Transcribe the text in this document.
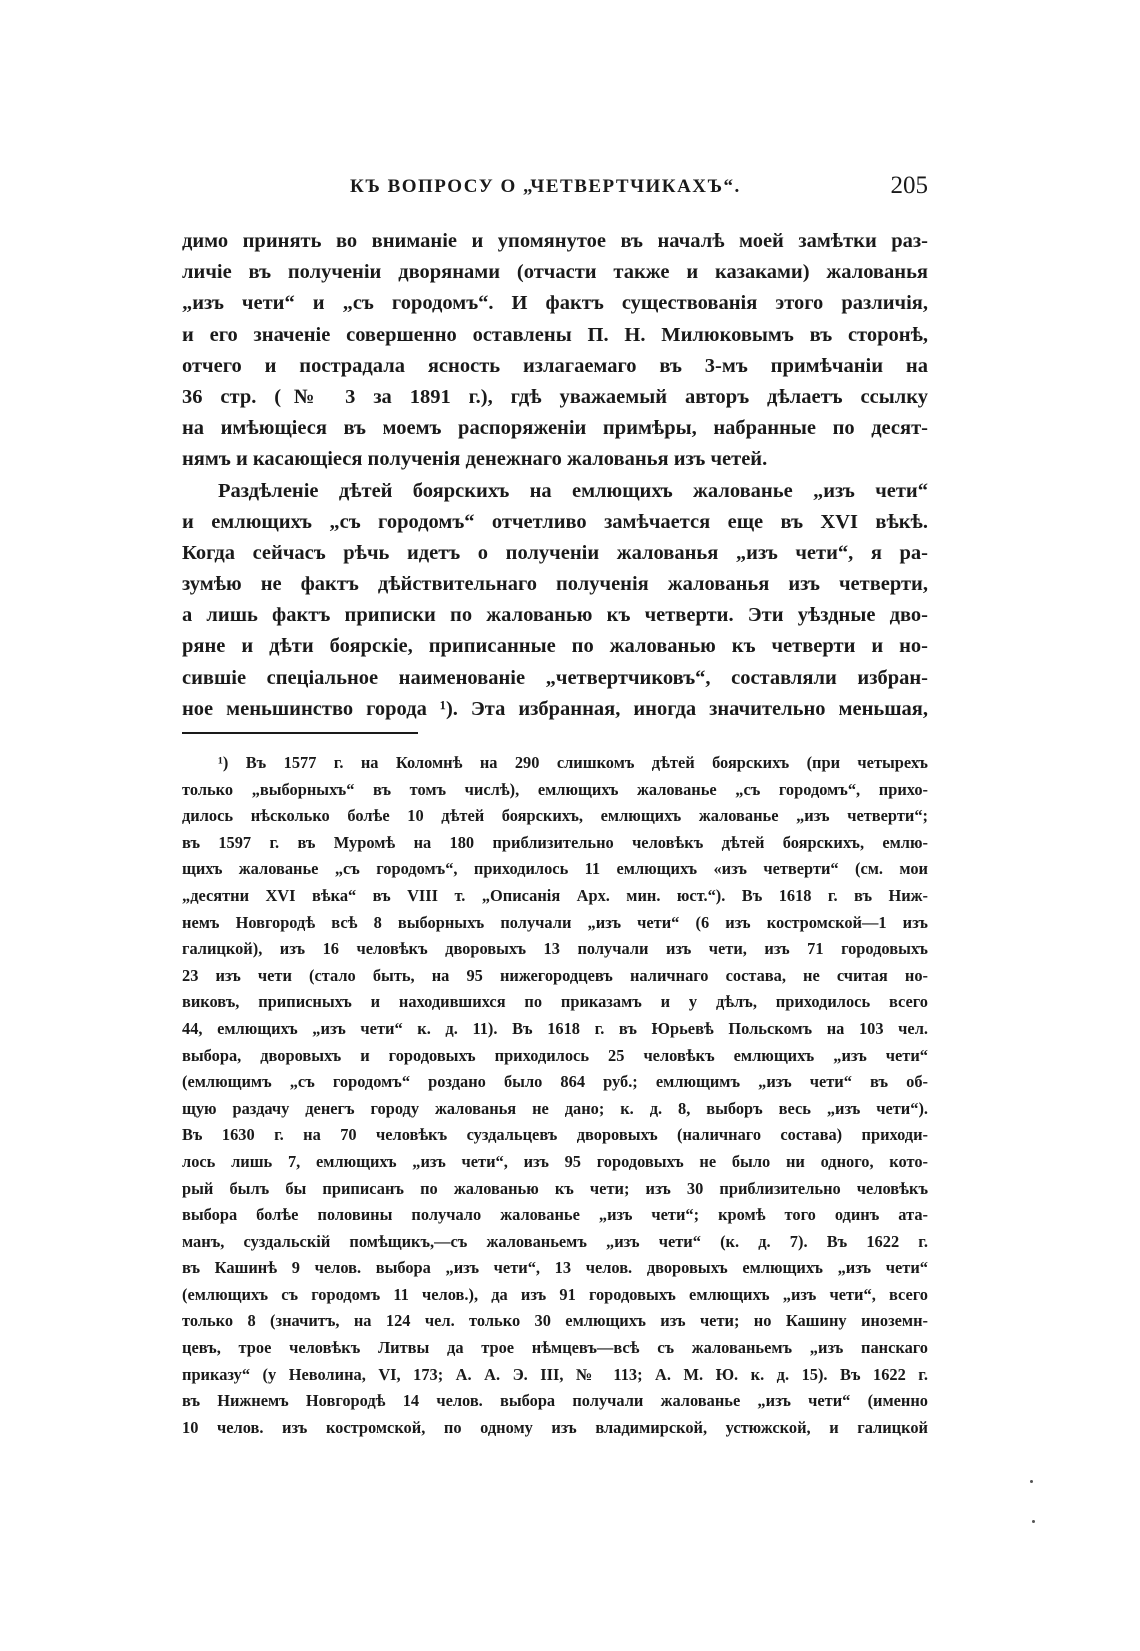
КЪ ВОПРОСУ О „ЧЕТВЕРТЧИКАХЪ“.	205
димо принять во вниманіе и упомянутое въ началѣ моей замѣтки раз-
личіе въ полученіи дворянами (отчасти также и казаками) жалованья
„изъ чети“ и „съ городомъ“. И фактъ существованія этого различія,
и его значеніе совершенно оставлены П. Н. Милюковымъ въ сторонѣ,
отчего и пострадала ясность излагаемаго въ 3-мъ примѣчаніи на
36 стр. (№ 3 за 1891 г.), гдѣ уважаемый авторъ дѣлаетъ ссылку
на имѣющіеся въ моемъ распоряженіи примѣры, набранные по десят-
нямъ и касающіеся полученія денежнаго жалованья изъ четей.
Раздѣленіе дѣтей боярскихъ на емлющихъ жалованье „изъ чети“
и емлющихъ „съ городомъ“ отчетливо замѣчается еще въ XVI вѣкѣ.
Когда сейчасъ рѣчь идетъ о полученіи жалованья „изъ чети“, я ра-
зумѣю не фактъ дѣйствительнаго полученія жалованья изъ четверти,
а лишь фактъ приписки по жалованью къ четверти. Эти уѣздные дво-
ряне и дѣти боярскіе, приписанные по жалованью къ четверти и но-
сившіе спеціальное наименованіе „четвертчиковъ“, составляли избран-
ное меньшинство города ¹). Эта избранная, иногда значительно меньшая,
¹) Въ 1577 г. на Коломнѣ на 290 слишкомъ дѣтей боярскихъ (при четырехъ
только „выборныхъ“ въ томъ числѣ), емлющихъ жалованье „съ городомъ“, прихо-
дилось нѣсколько болѣе 10 дѣтей боярскихъ, емлющихъ жалованье „изъ четверти“;
въ 1597 г. въ Муромѣ на 180 приблизительно человѣкъ дѣтей боярскихъ, емлю-
щихъ жалованье „съ городомъ“, приходилось 11 емлющихъ «изъ четверти“ (см. мои
„десятни XVI вѣка“ въ VIII т. „Описанія Арх. мин. юст.“). Въ 1618 г. въ Ниж-
немъ Новгородѣ всѣ 8 выборныхъ получали „изъ чети“ (6 изъ костромской—1 изъ
галицкой), изъ 16 человѣкъ дворовыхъ 13 получали изъ чети, изъ 71 городовыхъ
23 изъ чети (стало быть, на 95 нижегородцевъ наличнаго состава, не считая но-
виковъ, приписныхъ и находившихся по приказамъ и у дѣлъ, приходилось всего
44, емлющихъ „изъ чети“ к. д. 11). Въ 1618 г. въ Юрьевѣ Польскомъ на 103 чел.
выбора, дворовыхъ и городовыхъ приходилось 25 человѣкъ емлющихъ „изъ чети“
(емлющимъ „съ городомъ“ роздано было 864 руб.; емлющимъ „изъ чети“ въ об-
щую раздачу денегъ городу жалованья не дано; к. д. 8, выборъ весь „изъ чети“).
Въ 1630 г. на 70 человѣкъ суздальцевъ дворовыхъ (наличнаго состава) приходи-
лось лишь 7, емлющихъ „изъ чети“, изъ 95 городовыхъ не было ни одного, кото-
рый былъ бы приписанъ по жалованью къ чети; изъ 30 приблизительно человѣкъ
выбора болѣе половины получало жалованье „изъ чети“; кромѣ того одинъ ата-
манъ, суздальскій помѣщикъ,—съ жалованьемъ „изъ чети“ (к. д. 7). Въ 1622 г.
въ Кашинѣ 9 челов. выбора „изъ чети“, 13 челов. дворовыхъ емлющихъ „изъ чети“
(емлющихъ съ городомъ 11 челов.), да изъ 91 городовыхъ емлющихъ „изъ чети“, всего
только 8 (значитъ, на 124 чел. только 30 емлющихъ изъ чети; но Кашину иноземн-
цевъ, трое человѣкъ Литвы да трое нѣмцевъ—всѣ съ жалованьемъ „изъ панскаго
приказу“ (у Неволина, VI, 173; А. А. Э. III, № 113; А. М. Ю. к. д. 15). Въ 1622 г.
въ Нижнемъ Новгородѣ 14 челов. выбора получали жалованье „изъ чети“ (именно
10 челов. изъ костромской, по одному изъ владимирской, устюжской, и галицкой
